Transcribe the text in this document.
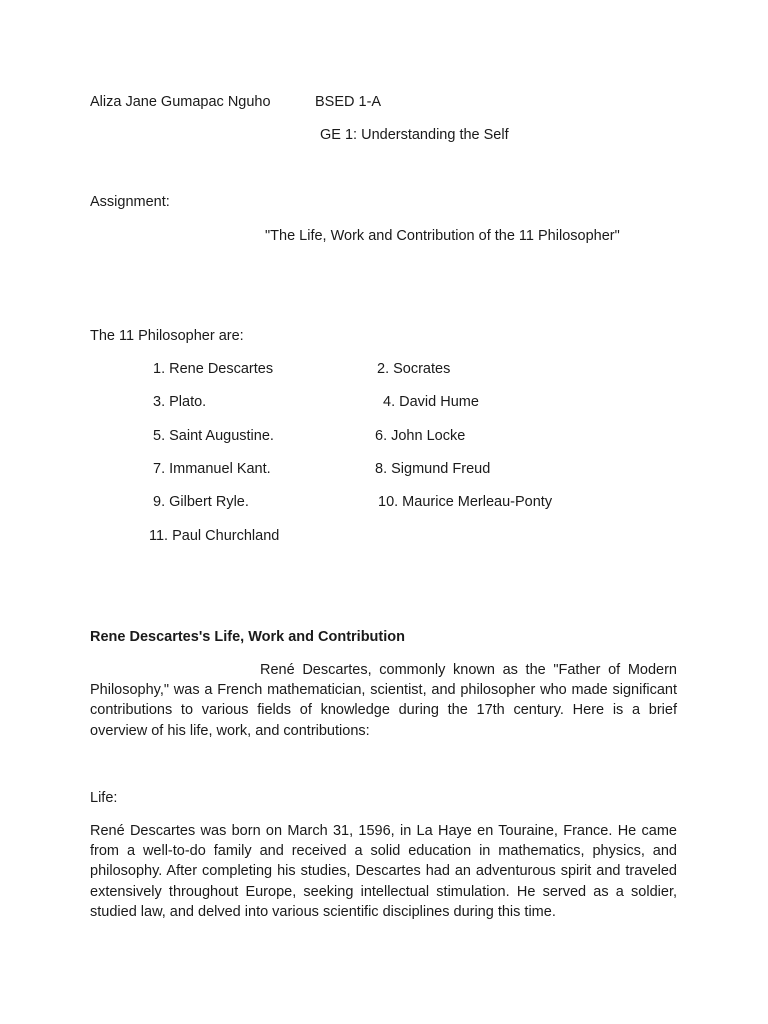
Aliza Jane Gumapac Nguho	BSED 1-A
GE 1: Understanding the Self
Assignment:
"The Life, Work and Contribution of the 11 Philosopher"
The 11 Philosopher are:
1. Rene Descartes	2. Socrates
3. Plato.	4. David Hume
5. Saint Augustine.	6. John Locke
7. Immanuel Kant.	8. Sigmund Freud
9. Gilbert Ryle.	10. Maurice Merleau-Ponty
11. Paul Churchland
Rene Descartes's Life, Work and Contribution
René Descartes, commonly known as the "Father of Modern Philosophy," was a French mathematician, scientist, and philosopher who made significant contributions to various fields of knowledge during the 17th century. Here is a brief overview of his life, work, and contributions:
Life:
René Descartes was born on March 31, 1596, in La Haye en Touraine, France. He came from a well-to-do family and received a solid education in mathematics, physics, and philosophy. After completing his studies, Descartes had an adventurous spirit and traveled extensively throughout Europe, seeking intellectual stimulation. He served as a soldier, studied law, and delved into various scientific disciplines during this time.
